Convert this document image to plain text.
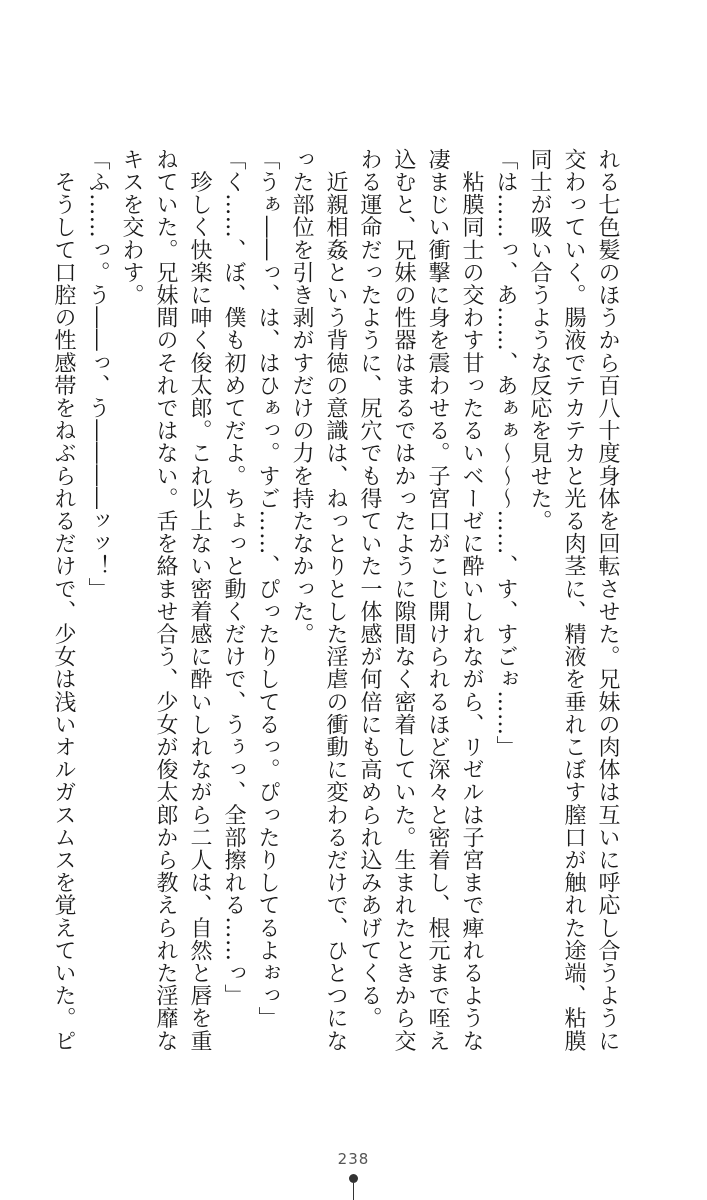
れる七色髪のほうから百八十度身体を回転させた。兄妹の肉体は互いに呼応し合うように

交わっていく。腸液でテカテカと光る肉茎に、精液を垂れこぼす膣口が触れた途端、粘膜

同士が吸い合うような反応を見せた。

「は……っ、あ……、あぁぁ〜〜〜……、す、すごぉ……」

　粘膜同士の交わす甘ったるいベーゼに酔いしれながら、リゼルは子宮まで痺れるような

凄まじい衝撃に身を震わせる。子宮口がこじ開けられるほど深々と密着し、根元まで咥え

込むと、兄妹の性器はまるではかったように隙間なく密着していた。生まれたときから交

わる運命だったように、尻穴でも得ていた一体感が何倍にも高められ込みあげてくる。

　近親相姦という背徳の意識は、ねっとりとした淫虐の衝動に変わるだけで、ひとつにな

った部位を引き剥がすだけの力を持たなかった。

「うぁ――っ、は、はひぁっ。すご……、ぴったりしてるっ。ぴったりしてるよぉっ」

「く……、ぼ、僕も初めてだよ。ちょっと動くだけで、うぅっ、全部擦れる……っ」

　珍しく快楽に呻く俊太郎。これ以上ない密着感に酔いしれながら二人は、自然と唇を重

ねていた。兄妹間のそれではない。舌を絡ませ合う、少女が俊太郎から教えられた淫靡な

キスを交わす。

「ふ……っ。う――っ、う――――ッッ！」

　そうして口腔の性感帯をねぶられるだけで、少女は浅いオルガスムスを覚えていた。ピ

238
